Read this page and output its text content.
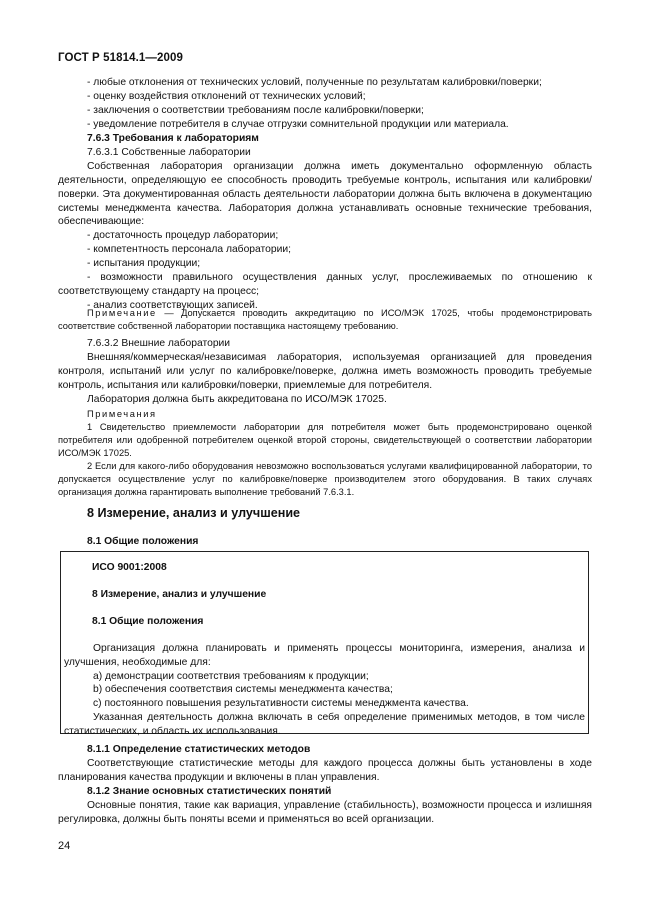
ГОСТ Р 51814.1—2009

- любые отклонения от технических условий, полученные по результатам калибровки/поверки;

- оценку воздействия отклонений от технических условий;

- заключения о соответствии требованиям после калибровки/поверки;

- уведомление потребителя в случае отгрузки сомнительной продукции или материала.

7.6.3 Требования к лабораториям

7.6.3.1 Собственные лаборатории

Собственная лаборатория организации должна иметь документально оформленную область деятельности, определяющую ее способность проводить требуемые контроль, испытания или калибровки/поверки. Эта документированная область деятельности лаборатории должна быть включена в документацию системы менеджмента качества. Лаборатория должна устанавливать основные технические требования, обеспечивающие:

- достаточность процедур лаборатории;

- компетентность персонала лаборатории;

- испытания продукции;

- возможности правильного осуществления данных услуг, прослеживаемых по отношению к соответствующему стандарту на процесс;

- анализ соответствующих записей.

Примечание — Допускается проводить аккредитацию по ИСО/МЭК 17025, чтобы продемонстрировать соответствие собственной лаборатории поставщика настоящему требованию.

7.6.3.2 Внешние лаборатории

Внешняя/коммерческая/независимая лаборатория, используемая организацией для проведения контроля, испытаний или услуг по калибровке/поверке, должна иметь возможность проводить требуемые контроль, испытания или калибровки/поверки, приемлемые для потребителя.

Лаборатория должна быть аккредитована по ИСО/МЭК 17025.

Примечания

1 Свидетельство приемлемости лаборатории для потребителя может быть продемонстрировано оценкой потребителя или одобренной потребителем оценкой второй стороны, свидетельствующей о соответствии лаборатории ИСО/МЭК 17025.

2 Если для какого-либо оборудования невозможно воспользоваться услугами квалифицированной лаборатории, то допускается осуществление услуг по калибровке/поверке производителем этого оборудования. В таких случаях организация должна гарантировать выполнение требований 7.6.3.1.

8 Измерение, анализ и улучшение

8.1 Общие положения

ИСО 9001:2008

8 Измерение, анализ и улучшение

8.1 Общие положения

Организация должна планировать и применять процессы мониторинга, измерения, анализа и улучшения, необходимые для:

a) демонстрации соответствия требованиям к продукции;

b) обеспечения соответствия системы менеджмента качества;

c) постоянного повышения результативности системы менеджмента качества.

Указанная деятельность должна включать в себя определение применимых методов, в том числе статистических, и область их использования.

8.1.1 Определение статистических методов

Соответствующие статистические методы для каждого процесса должны быть установлены в ходе планирования качества продукции и включены в план управления.

8.1.2 Знание основных статистических понятий

Основные понятия, такие как вариация, управление (стабильность), возможности процесса и излишняя регулировка, должны быть поняты всеми и применяться во всей организации.

24
